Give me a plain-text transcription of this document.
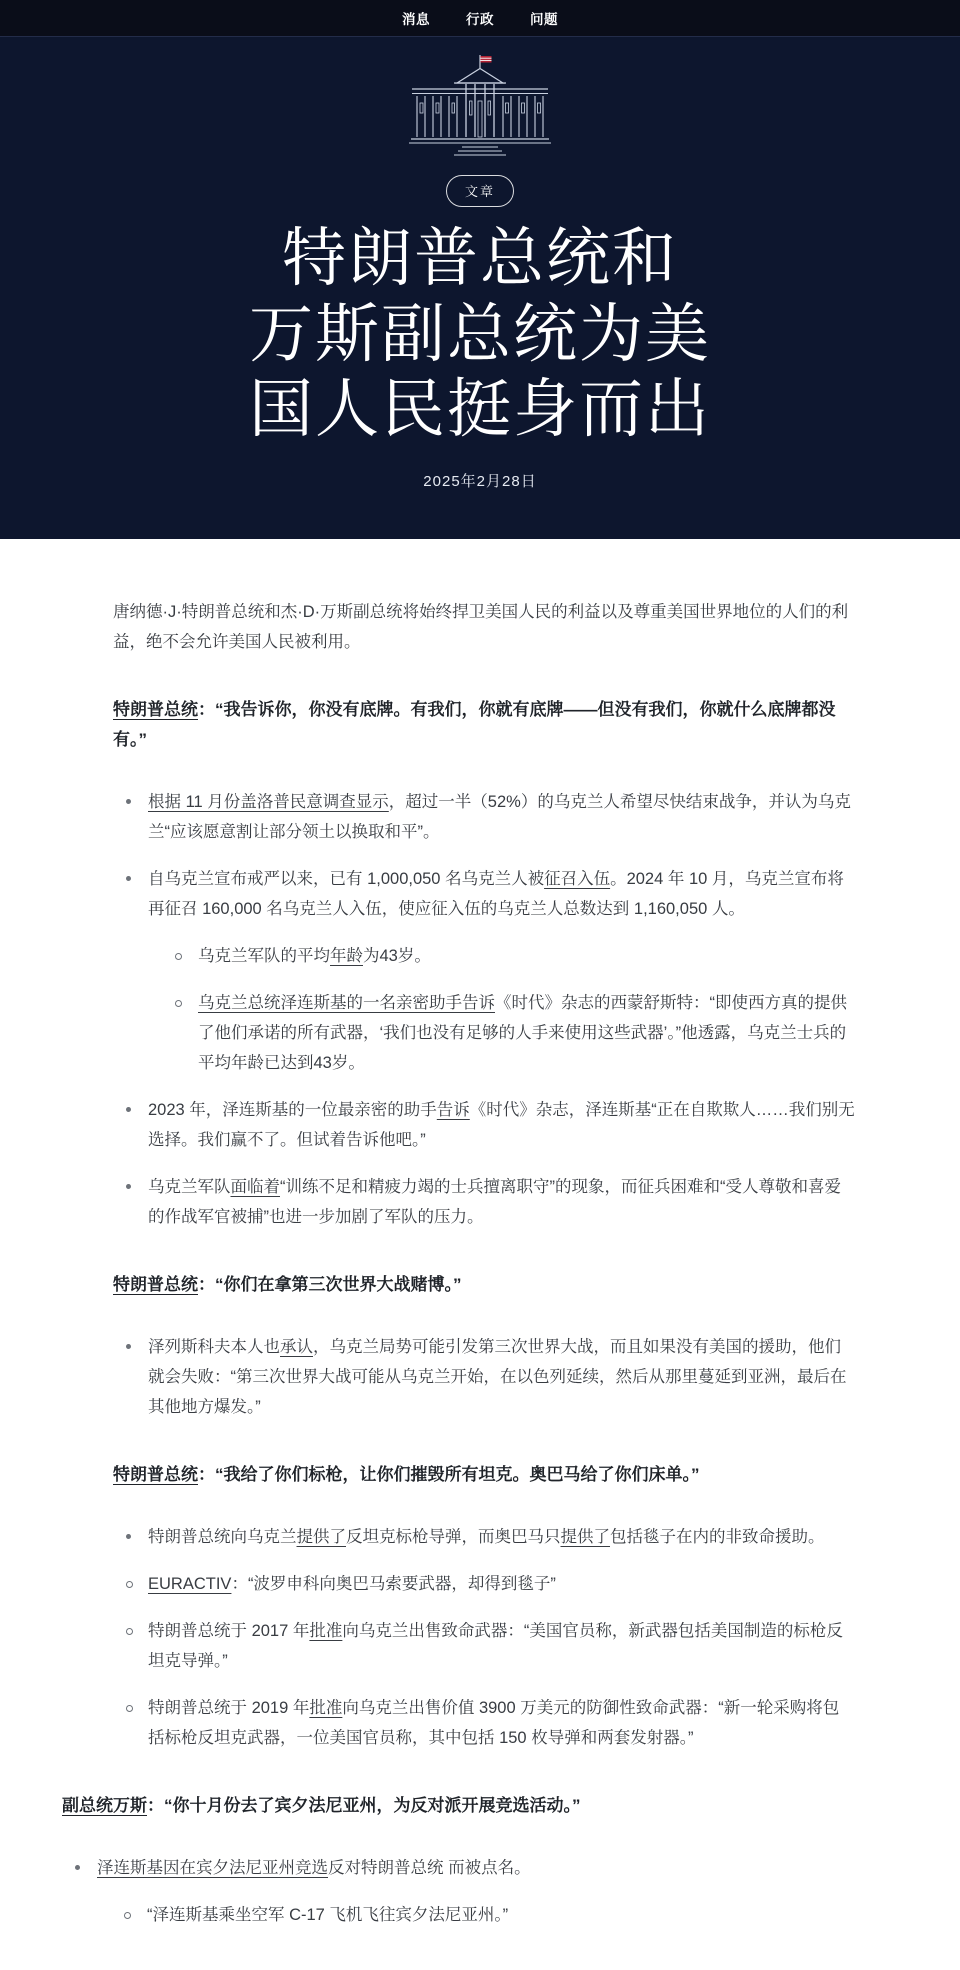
消息	行政	问题
文章
特朗普总统和
万斯副总统为美
国人民挺身而出
2025年2月28日

唐纳德·J·特朗普总统和杰·D·万斯副总统将始终捍卫美国人民的利益以及尊重美国世界地位的人们的利益，绝不会允许美国人民被利用。

特朗普总统：“我告诉你，你没有底牌。有我们，你就有底牌——但没有我们，你就什么底牌都没有。”
根据 11 月份盖洛普民意调查显示，超过一半（52%）的乌克兰人希望尽快结束战争，并认为乌克兰“应该愿意割让部分领土以换取和平”。
自乌克兰宣布戒严以来，已有 1,000,050 名乌克兰人被征召入伍。2024 年 10 月，乌克兰宣布将再征召 160,000 名乌克兰人入伍，使应征入伍的乌克兰人总数达到 1,160,050 人。
乌克兰军队的平均年龄为43岁。
乌克兰总统泽连斯基的一名亲密助手告诉《时代》杂志的西蒙舒斯特：“即使西方真的提供了他们承诺的所有武器，‘我们也没有足够的人手来使用这些武器’。”他透露，乌克兰士兵的平均年龄已达到43岁。
2023 年，泽连斯基的一位最亲密的助手告诉《时代》杂志，泽连斯基“正在自欺欺人……我们别无选择。我们赢不了。但试着告诉他吧。”
乌克兰军队面临着“训练不足和精疲力竭的士兵擅离职守”的现象，而征兵困难和“受人尊敬和喜爱的作战军官被捕”也进一步加剧了军队的压力。
特朗普总统：“你们在拿第三次世界大战赌博。”
泽列斯科夫本人也承认，乌克兰局势可能引发第三次世界大战，而且如果没有美国的援助，他们就会失败：“第三次世界大战可能从乌克兰开始，在以色列延续，然后从那里蔓延到亚洲，最后在其他地方爆发。”
特朗普总统：“我给了你们标枪，让你们摧毁所有坦克。奥巴马给了你们床单。”
特朗普总统向乌克兰提供了反坦克标枪导弹，而奥巴马只提供了包括毯子在内的非致命援助。
EURACTIV：“波罗申科向奥巴马索要武器，却得到毯子”
特朗普总统于 2017 年批准向乌克兰出售致命武器：“美国官员称，新武器包括美国制造的标枪反坦克导弹。”
特朗普总统于 2019 年批准向乌克兰出售价值 3900 万美元的防御性致命武器：“新一轮采购将包括标枪反坦克武器，一位美国官员称，其中包括 150 枚导弹和两套发射器。”
副总统万斯：“你十月份去了宾夕法尼亚州，为反对派开展竞选活动。”
泽连斯基因在宾夕法尼亚州竞选反对特朗普总统 而被点名。
“泽连斯基乘坐空军 C-17 飞机飞往宾夕法尼亚州。”
